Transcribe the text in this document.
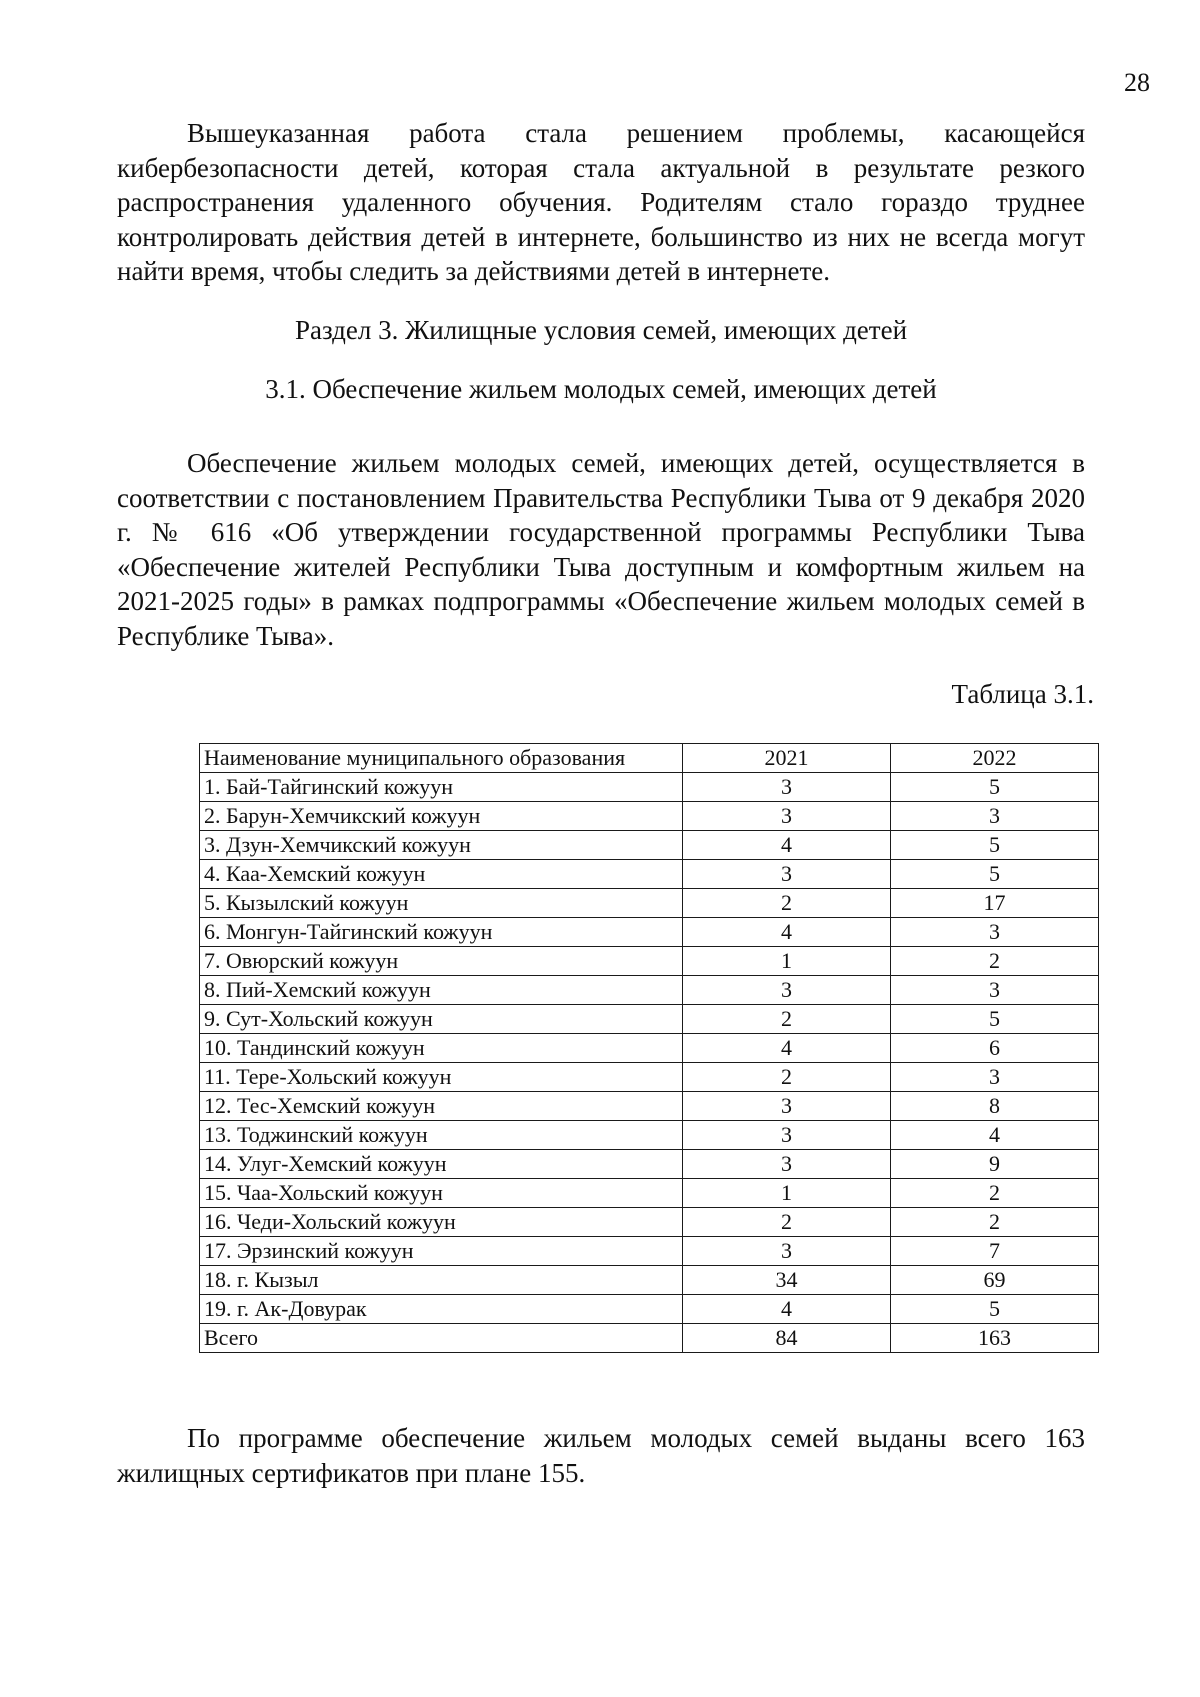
28

Вышеуказанная работа стала решением проблемы, касающейся кибербезопасности детей, которая стала актуальной в результате резкого распространения удаленного обучения. Родителям стало гораздо труднее контролировать действия детей в интернете, большинство из них не всегда могут найти время, чтобы следить за действиями детей в интернете.

Раздел 3. Жилищные условия семей, имеющих детей
3.1. Обеспечение жильем молодых семей, имеющих детей

Обеспечение жильем молодых семей, имеющих детей, осуществляется в соответствии с постановлением Правительства Республики Тыва от 9 декабря 2020 г. № 616 «Об утверждении государственной программы Республики Тыва «Обеспечение жителей Республики Тыва доступным и комфортным жильем на 2021-2025 годы» в рамках подпрограммы «Обеспечение жильем молодых семей в Республике Тыва».

Таблица 3.1.
Наименование муниципального образования	2021	2022
1. Бай-Тайгинский кожуун	3	5
2. Барун-Хемчикский кожуун	3	3
3. Дзун-Хемчикский кожуун	4	5
4. Каа-Хемский кожуун	3	5
5. Кызылский кожуун	2	17
6. Монгун-Тайгинский кожуун	4	3
7. Овюрский кожуун	1	2
8. Пий-Хемский кожуун	3	3
9. Сут-Хольский кожуун	2	5
10. Тандинский кожуун	4	6
11. Тере-Хольский кожуун	2	3
12. Тес-Хемский кожуун	3	8
13. Тоджинский кожуун	3	4
14. Улуг-Хемский кожуун	3	9
15. Чаа-Хольский кожуун	1	2
16. Чеди-Хольский кожуун	2	2
17. Эрзинский кожуун	3	7
18. г. Кызыл	34	69
19. г. Ак-Довурак	4	5
Всего	84	163

По программе обеспечение жильем молодых семей выданы всего 163 жилищных сертификатов при плане 155.
